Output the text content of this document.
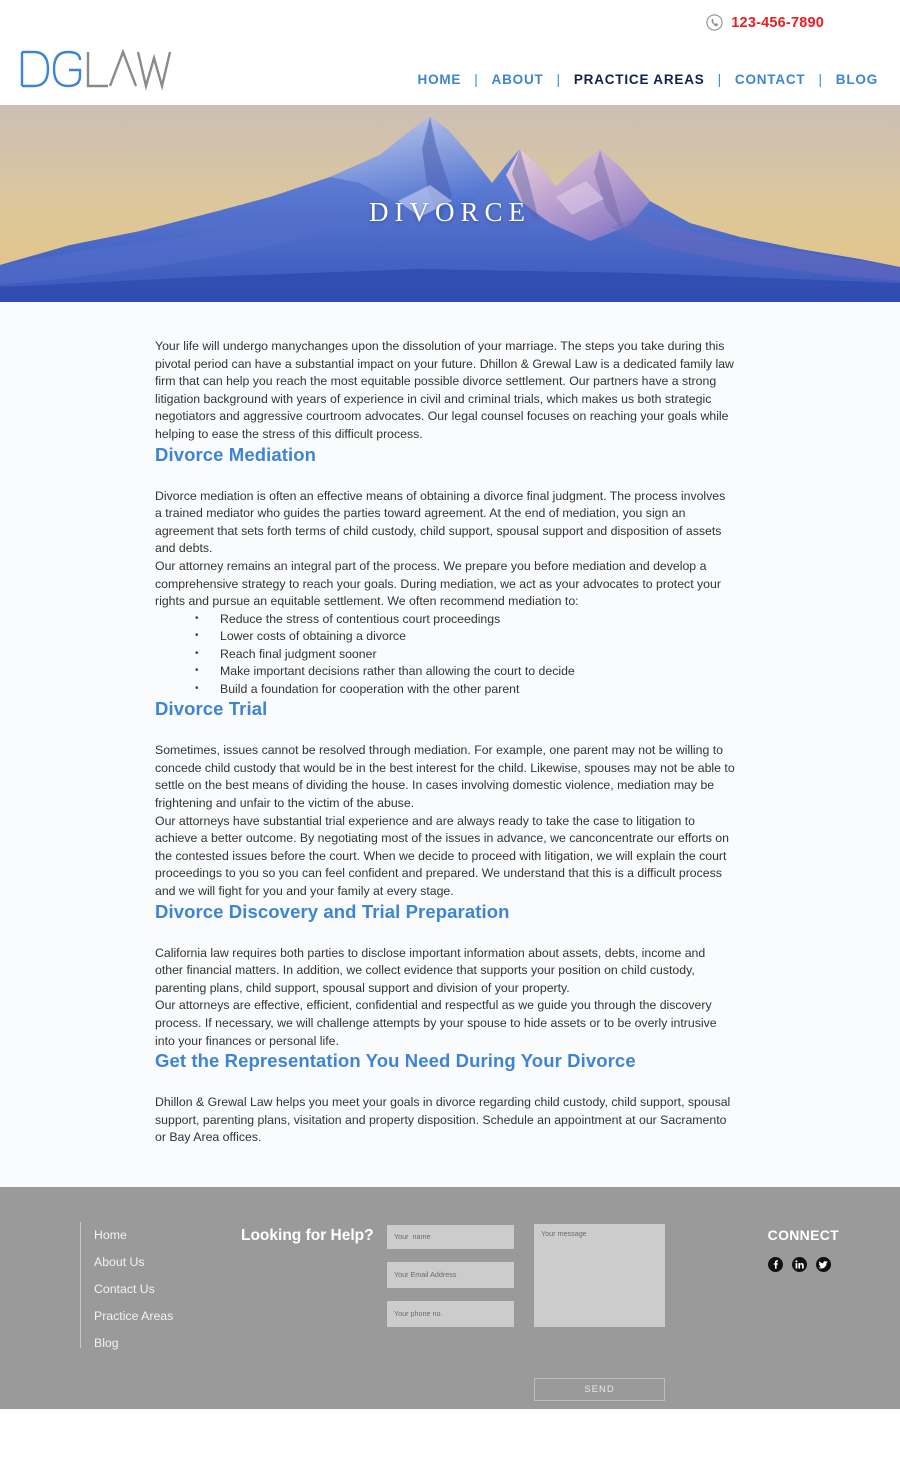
123-456-7890
HOME | ABOUT | PRACTICE AREAS | CONTACT | BLOG
DIVORCE

Your life will undergo manychanges upon the dissolution of your marriage. The steps you take during this pivotal period can have a substantial impact on your future. Dhillon & Grewal Law is a dedicated family law firm that can help you reach the most equitable possible divorce settlement. Our partners have a strong litigation background with years of experience in civil and criminal trials, which makes us both strategic negotiators and aggressive courtroom advocates. Our legal counsel focuses on reaching your goals while helping to ease the stress of this difficult process.

Divorce Mediation

Divorce mediation is often an effective means of obtaining a divorce final judgment. The process involves a trained mediator who guides the parties toward agreement. At the end of mediation, you sign an agreement that sets forth terms of child custody, child support, spousal support and disposition of assets and debts.

Our attorney remains an integral part of the process. We prepare you before mediation and develop a comprehensive strategy to reach your goals. During mediation, we act as your advocates to protect your rights and pursue an equitable settlement. We often recommend mediation to:

• Reduce the stress of contentious court proceedings
• Lower costs of obtaining a divorce
• Reach final judgment sooner
• Make important decisions rather than allowing the court to decide
• Build a foundation for cooperation with the other parent
Divorce Trial

Sometimes, issues cannot be resolved through mediation. For example, one parent may not be willing to concede child custody that would be in the best interest for the child. Likewise, spouses may not be able to settle on the best means of dividing the house. In cases involving domestic violence, mediation may be frightening and unfair to the victim of the abuse.

Our attorneys have substantial trial experience and are always ready to take the case to litigation to achieve a better outcome. By negotiating most of the issues in advance, we canconcentrate our efforts on the contested issues before the court. When we decide to proceed with litigation, we will explain the court proceedings to you so you can feel confident and prepared. We understand that this is a difficult process and we will fight for you and your family at every stage.

Divorce Discovery and Trial Preparation

California law requires both parties to disclose important information about assets, debts, income and other financial matters. In addition, we collect evidence that supports your position on child custody, parenting plans, child support, spousal support and division of your property.

Our attorneys are effective, efficient, confidential and respectful as we guide you through the discovery process. If necessary, we will challenge attempts by your spouse to hide assets or to be overly intrusive into your finances or personal life.

Get the Representation You Need During Your Divorce

Dhillon & Grewal Law helps you meet your goals in divorce regarding child custody, child support, spousal support, parenting plans, visitation and property disposition. Schedule an appointment at our Sacramento or Bay Area offices.

Home
About Us
Contact Us
Practice Areas
Blog
Looking for Help?
Your name
Your Email Address
Your phone no.
Your message	CONNECT
SEND
